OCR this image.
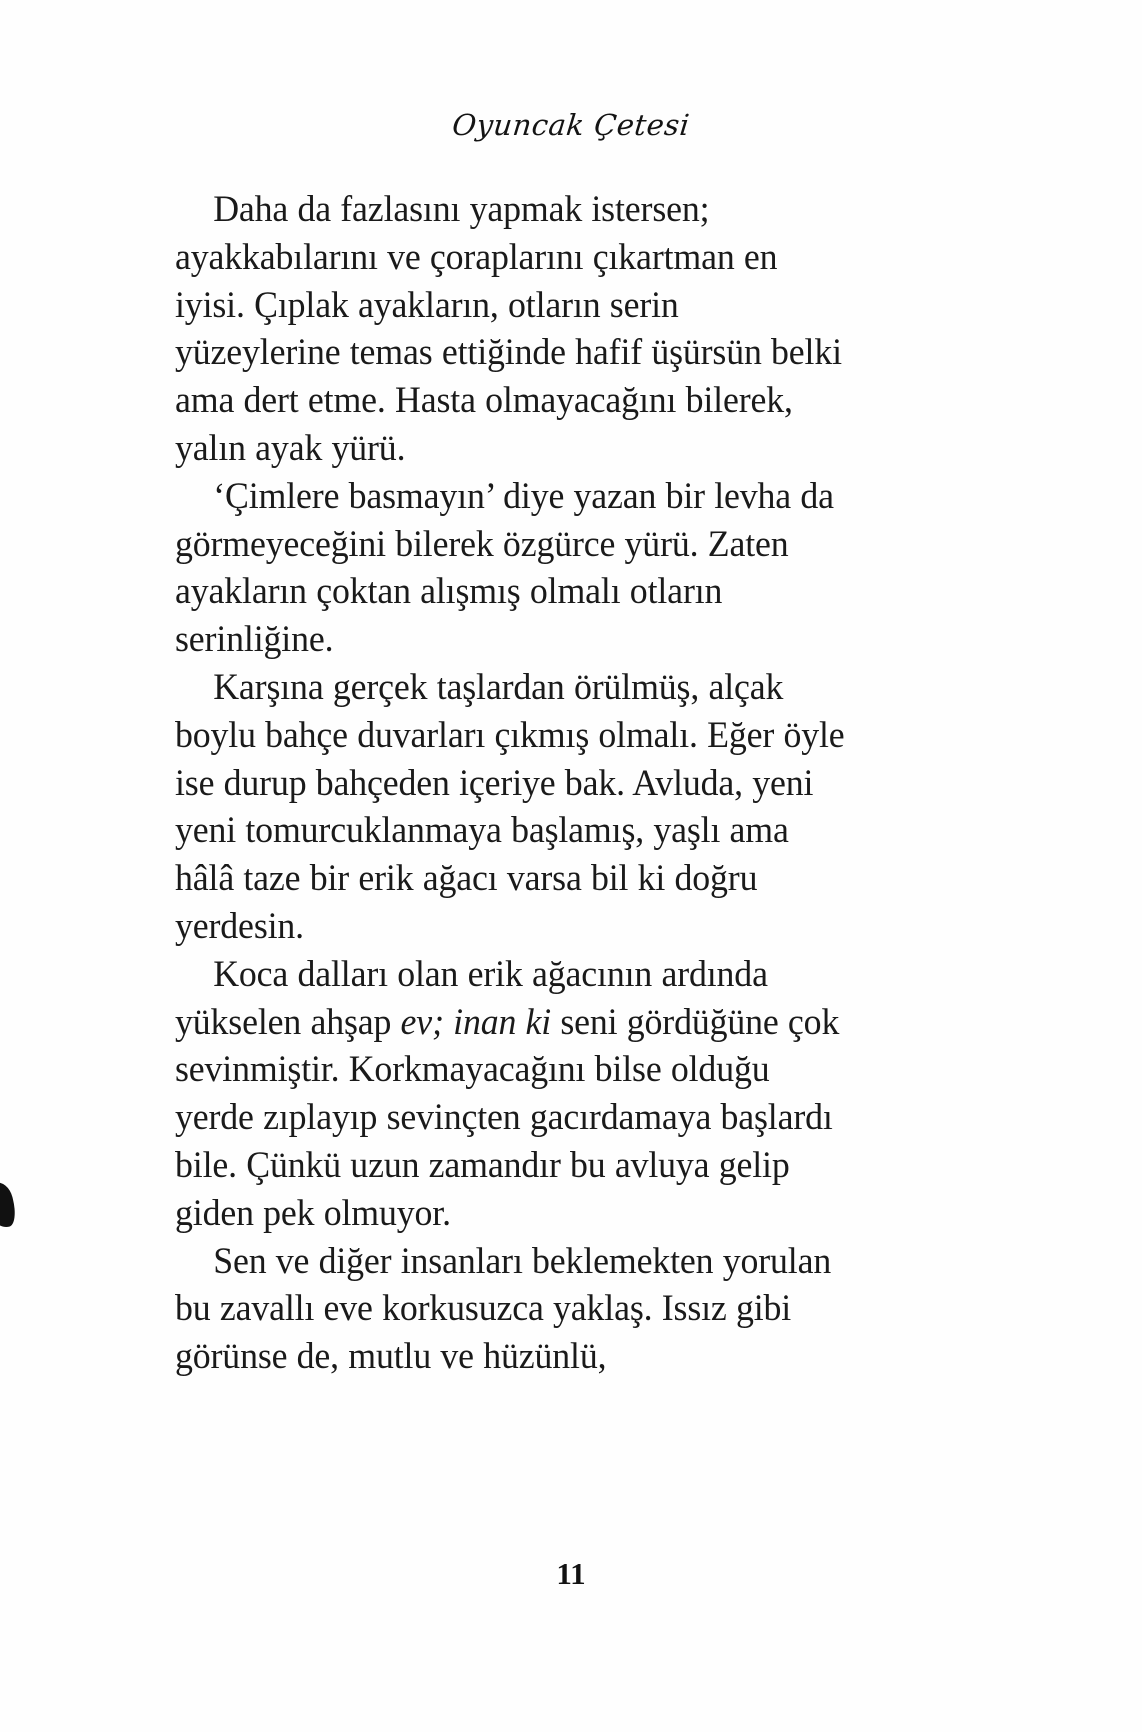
Oyuncak Çetesi

Daha da fazlasını yapmak istersen; ayakkabılarını ve çoraplarını çıkartman en iyisi. Çıplak ayakların, otların serin yüzeylerine temas ettiğinde hafif üşürsün belki ama dert etme. Hasta olmayacağını bilerek, yalın ayak yürü.

‘Çimlere basmayın’ diye yazan bir levha da görmeyeceğini bilerek özgürce yürü. Zaten ayakların çoktan alışmış olmalı otların serinliğine.

Karşına gerçek taşlardan örülmüş, alçak boylu bahçe duvarları çıkmış olmalı. Eğer öyle ise durup bahçeden içeriye bak. Avluda, yeni yeni tomurcuklanmaya başlamış, yaşlı ama hâlâ taze bir erik ağacı varsa bil ki doğru yerdesin.

Koca dalları olan erik ağacının ardında yükselen ahşap ev; inan ki seni gördüğüne çok sevinmiştir. Korkmayacağını bilse olduğu yerde zıplayıp sevinçten gacırdamaya başlardı bile. Çünkü uzun zamandır bu avluya gelip giden pek olmuyor.

Sen ve diğer insanları beklemekten yorulan bu zavallı eve korkusuzca yaklaş. Issız gibi görünse de, mutlu ve hüzünlü,

11
